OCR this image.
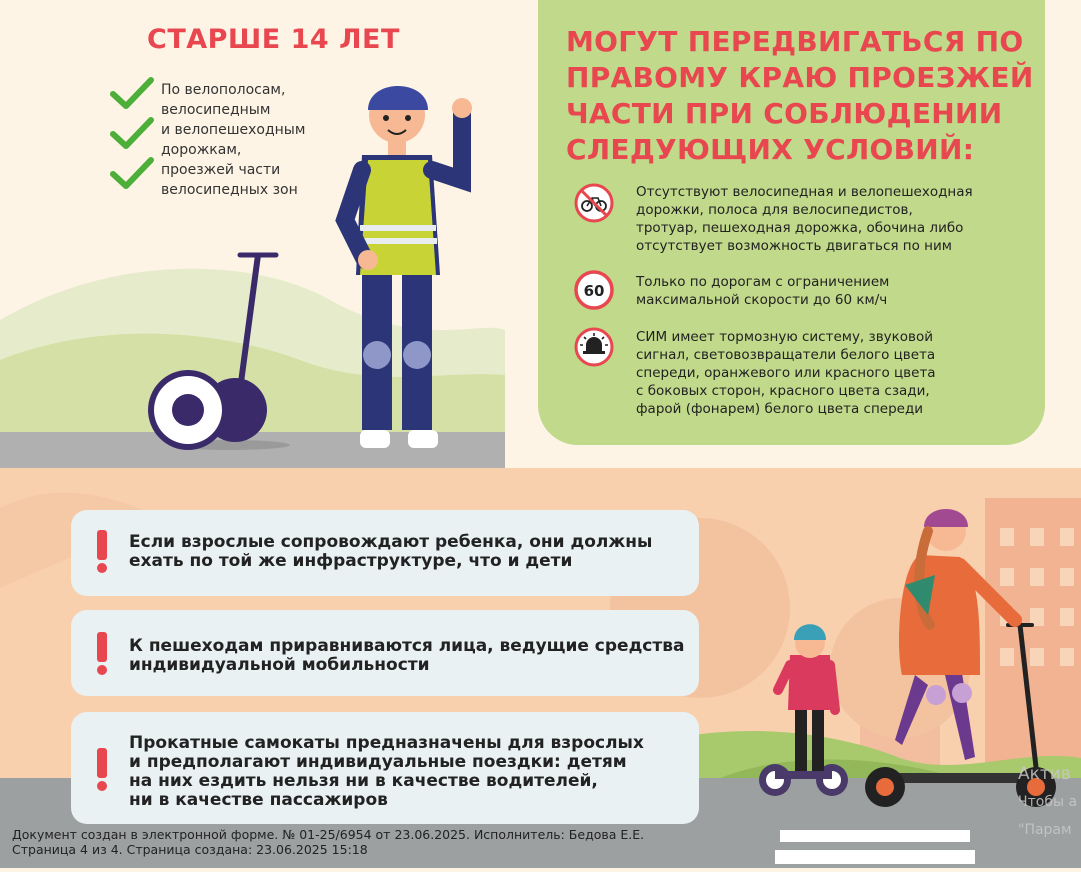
СТАРШЕ 14 ЛЕТ
По велополосам,
велосипедным
и велопешеходным
дорожкам,
проезжей части
велосипедных зон
МОГУТ ПЕРЕДВИГАТЬСЯ ПО
ПРАВОМУ КРАЮ ПРОЕЗЖЕЙ
ЧАСТИ ПРИ СОБЛЮДЕНИИ
СЛЕДУЮЩИХ УСЛОВИЙ:
Отсутствуют велосипедная и велопешеходная
дорожки, полоса для велосипедистов,
тротуар, пешеходная дорожка, обочина либо
отсутствует возможность двигаться по ним
60 Только по дорогам с ограничением
максимальной скорости до 60 км/ч
СИМ имеет тормозную систему, звуковой
сигнал, световозвращатели белого цвета
спереди, оранжевого или красного цвета
с боковых сторон, красного цвета сзади,
фарой (фонарем) белого цвета спереди
Если взрослые сопровождают ребенка, они должны
ехать по той же инфраструктуре, что и дети
К пешеходам приравниваются лица, ведущие средства
индивидуальной мобильности
Прокатные самокаты предназначены для взрослых
и предполагают индивидуальные поездки: детям
на них ездить нельзя ни в качестве водителей,
ни в качестве пассажиров
Актив
Чтобы а
"Парам
Документ создан в электронной форме. № 01-25/6954 от 23.06.2025. Исполнитель: Бедова Е.Е.
Страница 4 из 4. Страница создана: 23.06.2025 15:18
